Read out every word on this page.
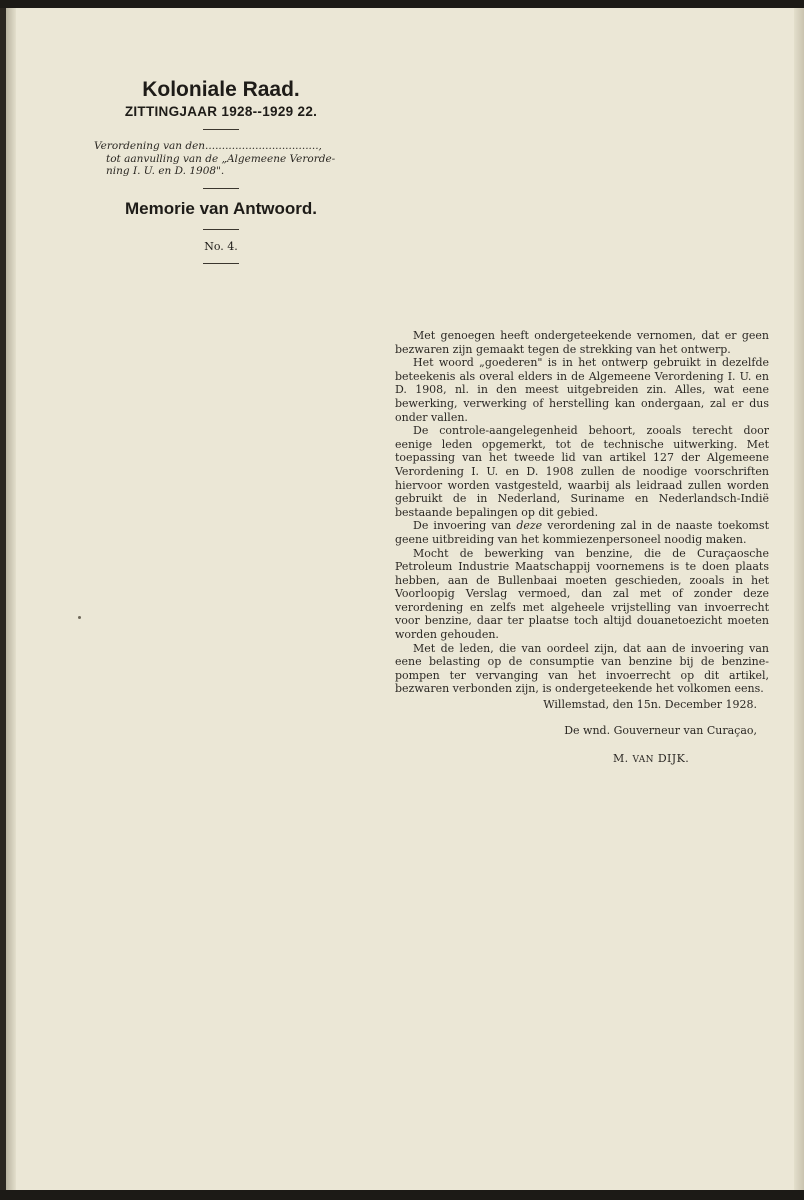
Koloniale Raad.

ZITTINGJAAR 1928--1929 22.

Verordening van den..................................,
tot aanvulling van de „Algemeene Verorde-
ning I. U. en D. 1908".
Memorie van Antwoord.

No. 4.

Met genoegen heeft ondergeteekende vernomen, dat er geen bezwaren zijn gemaakt tegen de strekking van het ontwerp.

Het woord „goederen" is in het ontwerp gebruikt in dezelfde beteekenis als overal elders in de Algemeene Verordening I. U. en D. 1908, nl. in den meest uitgebreiden zin. Alles, wat eene bewerking, verwerking of herstelling kan ondergaan, zal er dus onder vallen.

De controle-aangelegenheid behoort, zooals terecht door eenige leden opgemerkt, tot de technische uitwerking. Met toepassing van het tweede lid van artikel 127 der Algemeene Verordening I. U. en D. 1908 zullen de noodige voorschriften hiervoor worden vastgesteld, waarbij als leidraad zullen worden gebruikt de in Nederland, Suriname en Nederlandsch-Indië bestaande bepalingen op dit gebied.

De invoering van deze verordening zal in de naaste toekomst geene uitbreiding van het kommiezenpersoneel noodig maken.

Mocht de bewerking van benzine, die de Curaçaosche Petroleum Industrie Maatschappij voornemens is te doen plaats hebben, aan de Bullenbaai moeten geschieden, zooals in het Voorloopig Verslag vermoed, dan zal met of zonder deze verordening en zelfs met algeheele vrijstelling van invoerrecht voor benzine, daar ter plaatse toch altijd douanetoezicht moeten worden gehouden.

Met de leden, die van oordeel zijn, dat aan de invoering van eene belasting op de consumptie van benzine bij de benzine-pompen ter vervanging van het invoerrecht op dit artikel, bezwaren verbonden zijn, is ondergeteekende het volkomen eens.

Willemstad, den 15n. December 1928.
De wnd. Gouverneur van Curaçao,
M. VAN DIJK.
